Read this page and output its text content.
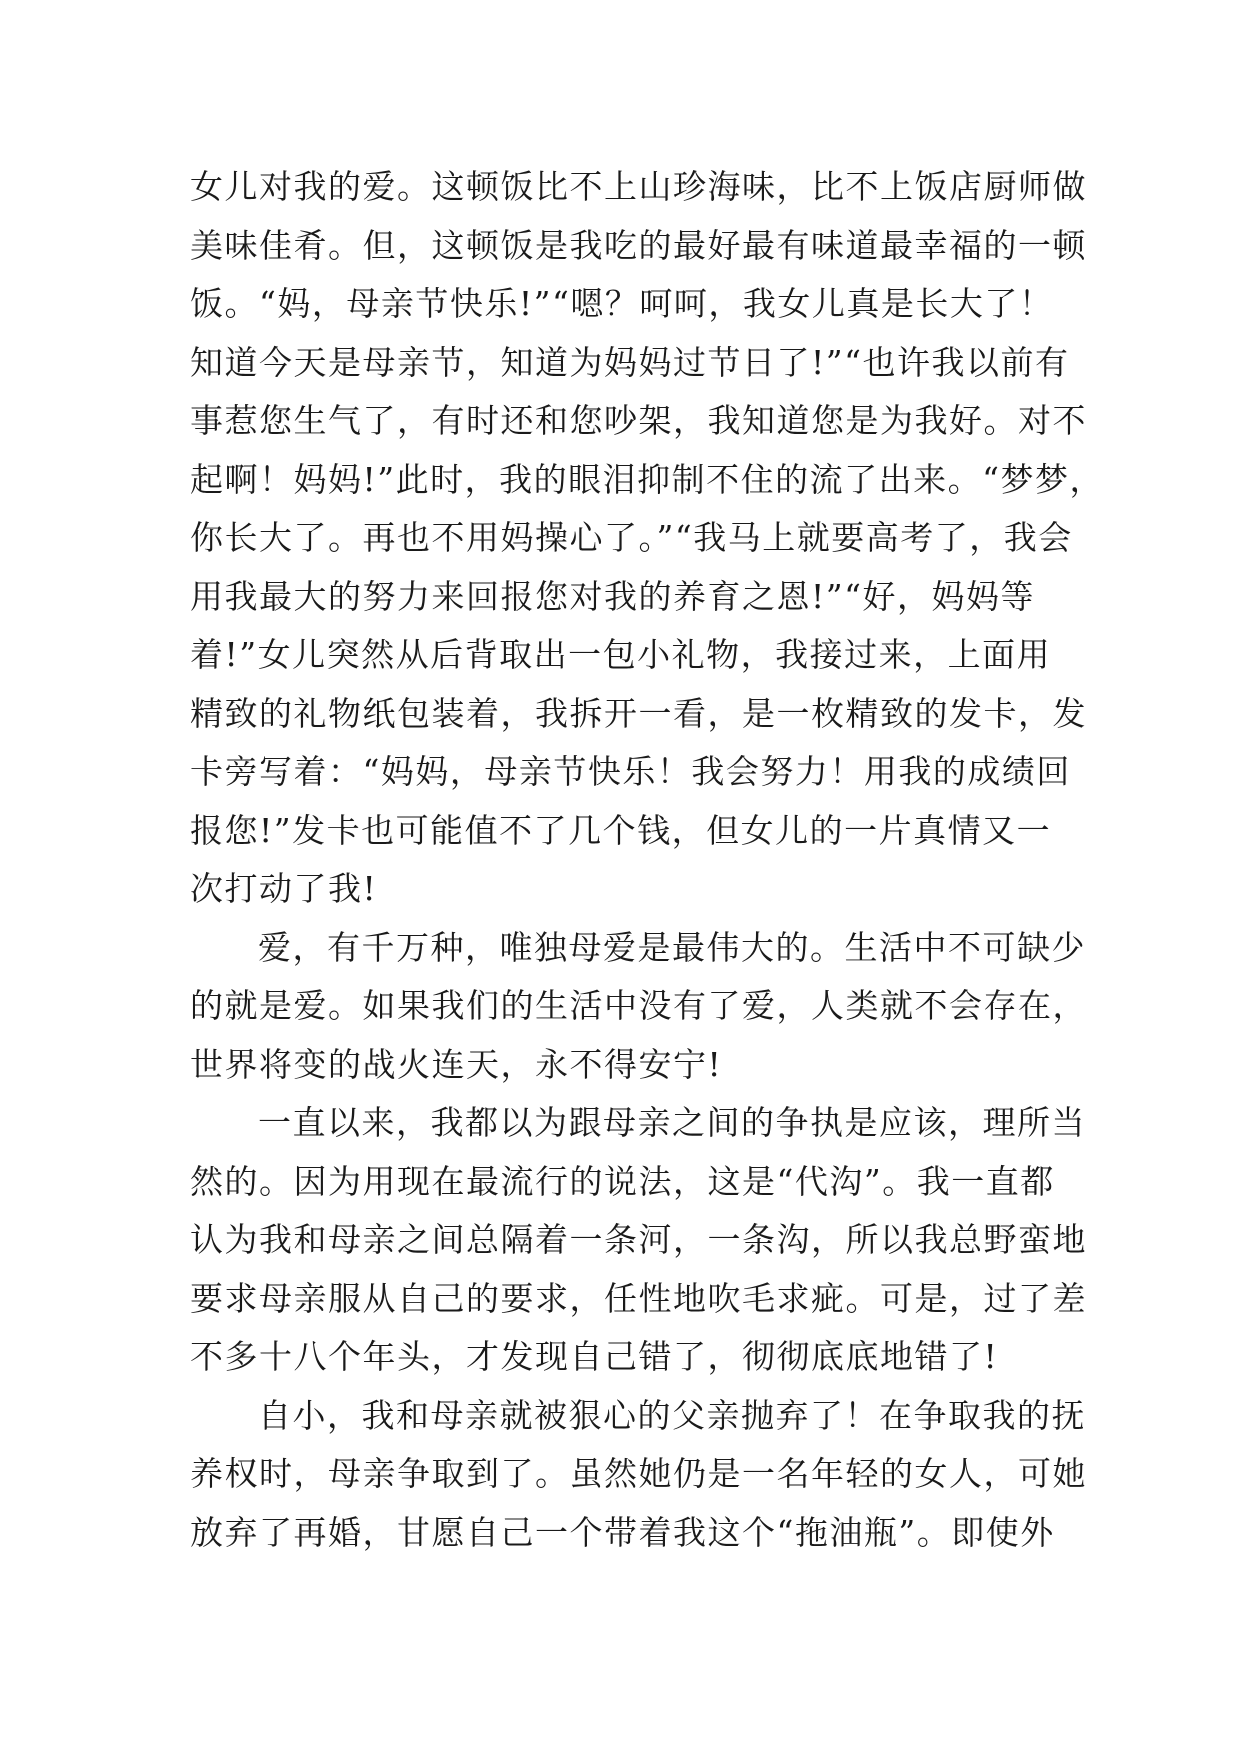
女儿对我的爱。这顿饭比不上山珍海味，比不上饭店厨师做
美味佳肴。但，这顿饭是我吃的最好最有味道最幸福的一顿
饭。“妈，母亲节快乐!”“嗯？呵呵，我女儿真是长大了！
知道今天是母亲节，知道为妈妈过节日了!”“也许我以前有
事惹您生气了，有时还和您吵架，我知道您是为我好。对不
起啊！妈妈!”此时，我的眼泪抑制不住的流了出来。“梦梦，
你长大了。再也不用妈操心了。”“我马上就要高考了，我会
用我最大的努力来回报您对我的养育之恩!”“好，妈妈等
着!”女儿突然从后背取出一包小礼物，我接过来，上面用
精致的礼物纸包装着，我拆开一看，是一枚精致的发卡，发
卡旁写着：“妈妈，母亲节快乐！我会努力！用我的成绩回
报您!”发卡也可能值不了几个钱，但女儿的一片真情又一
次打动了我!
爱，有千万种，唯独母爱是最伟大的。生活中不可缺少
的就是爱。如果我们的生活中没有了爱，人类就不会存在，
世界将变的战火连天，永不得安宁!
一直以来，我都以为跟母亲之间的争执是应该，理所当
然的。因为用现在最流行的说法，这是“代沟”。我一直都
认为我和母亲之间总隔着一条河，一条沟，所以我总野蛮地
要求母亲服从自己的要求，任性地吹毛求疵。可是，过了差
不多十八个年头，才发现自己错了，彻彻底底地错了!
自小，我和母亲就被狠心的父亲抛弃了！在争取我的抚
养权时，母亲争取到了。虽然她仍是一名年轻的女人，可她
放弃了再婚，甘愿自己一个带着我这个“拖油瓶”。即使外
